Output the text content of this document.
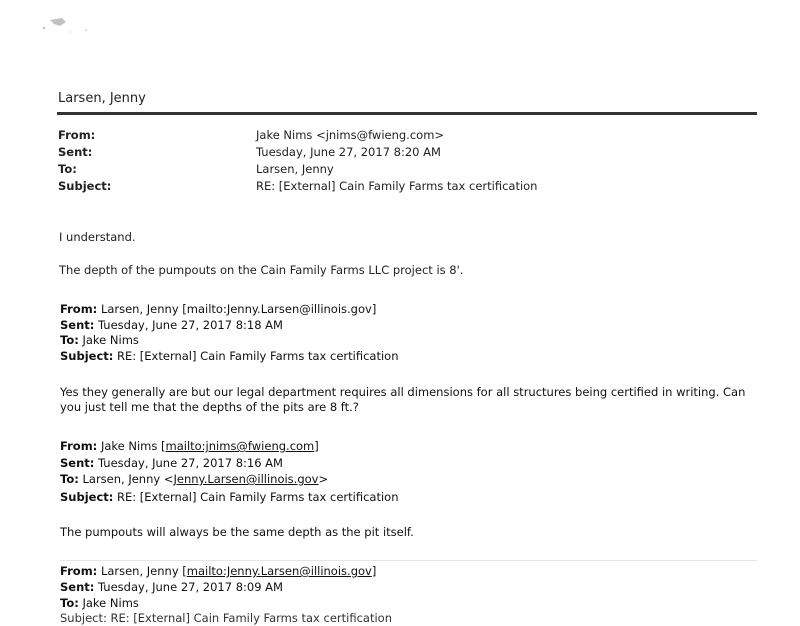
Larsen, Jenny
From:	Jake Nims <jnims@fwieng.com>
Sent:	Tuesday, June 27, 2017 8:20 AM
To:	Larsen, Jenny
Subject:	RE: [External] Cain Family Farms tax certification
I understand.
The depth of the pumpouts on the Cain Family Farms LLC project is 8'.
From: Larsen, Jenny [mailto:Jenny.Larsen@illinois.gov]
Sent: Tuesday, June 27, 2017 8:18 AM
To: Jake Nims
Subject: RE: [External] Cain Family Farms tax certification
Yes they generally are but our legal department requires all dimensions for all structures being certified in writing. Can
you just tell me that the depths of the pits are 8 ft.?
From: Jake Nims [mailto:jnims@fwieng.com]
Sent: Tuesday, June 27, 2017 8:16 AM
To: Larsen, Jenny <Jenny.Larsen@illinois.gov>
Subject: RE: [External] Cain Family Farms tax certification
The pumpouts will always be the same depth as the pit itself.
From: Larsen, Jenny [mailto:Jenny.Larsen@illinois.gov]
Sent: Tuesday, June 27, 2017 8:09 AM
To: Jake Nims
Subject: RE: [External] Cain Family Farms tax certification
